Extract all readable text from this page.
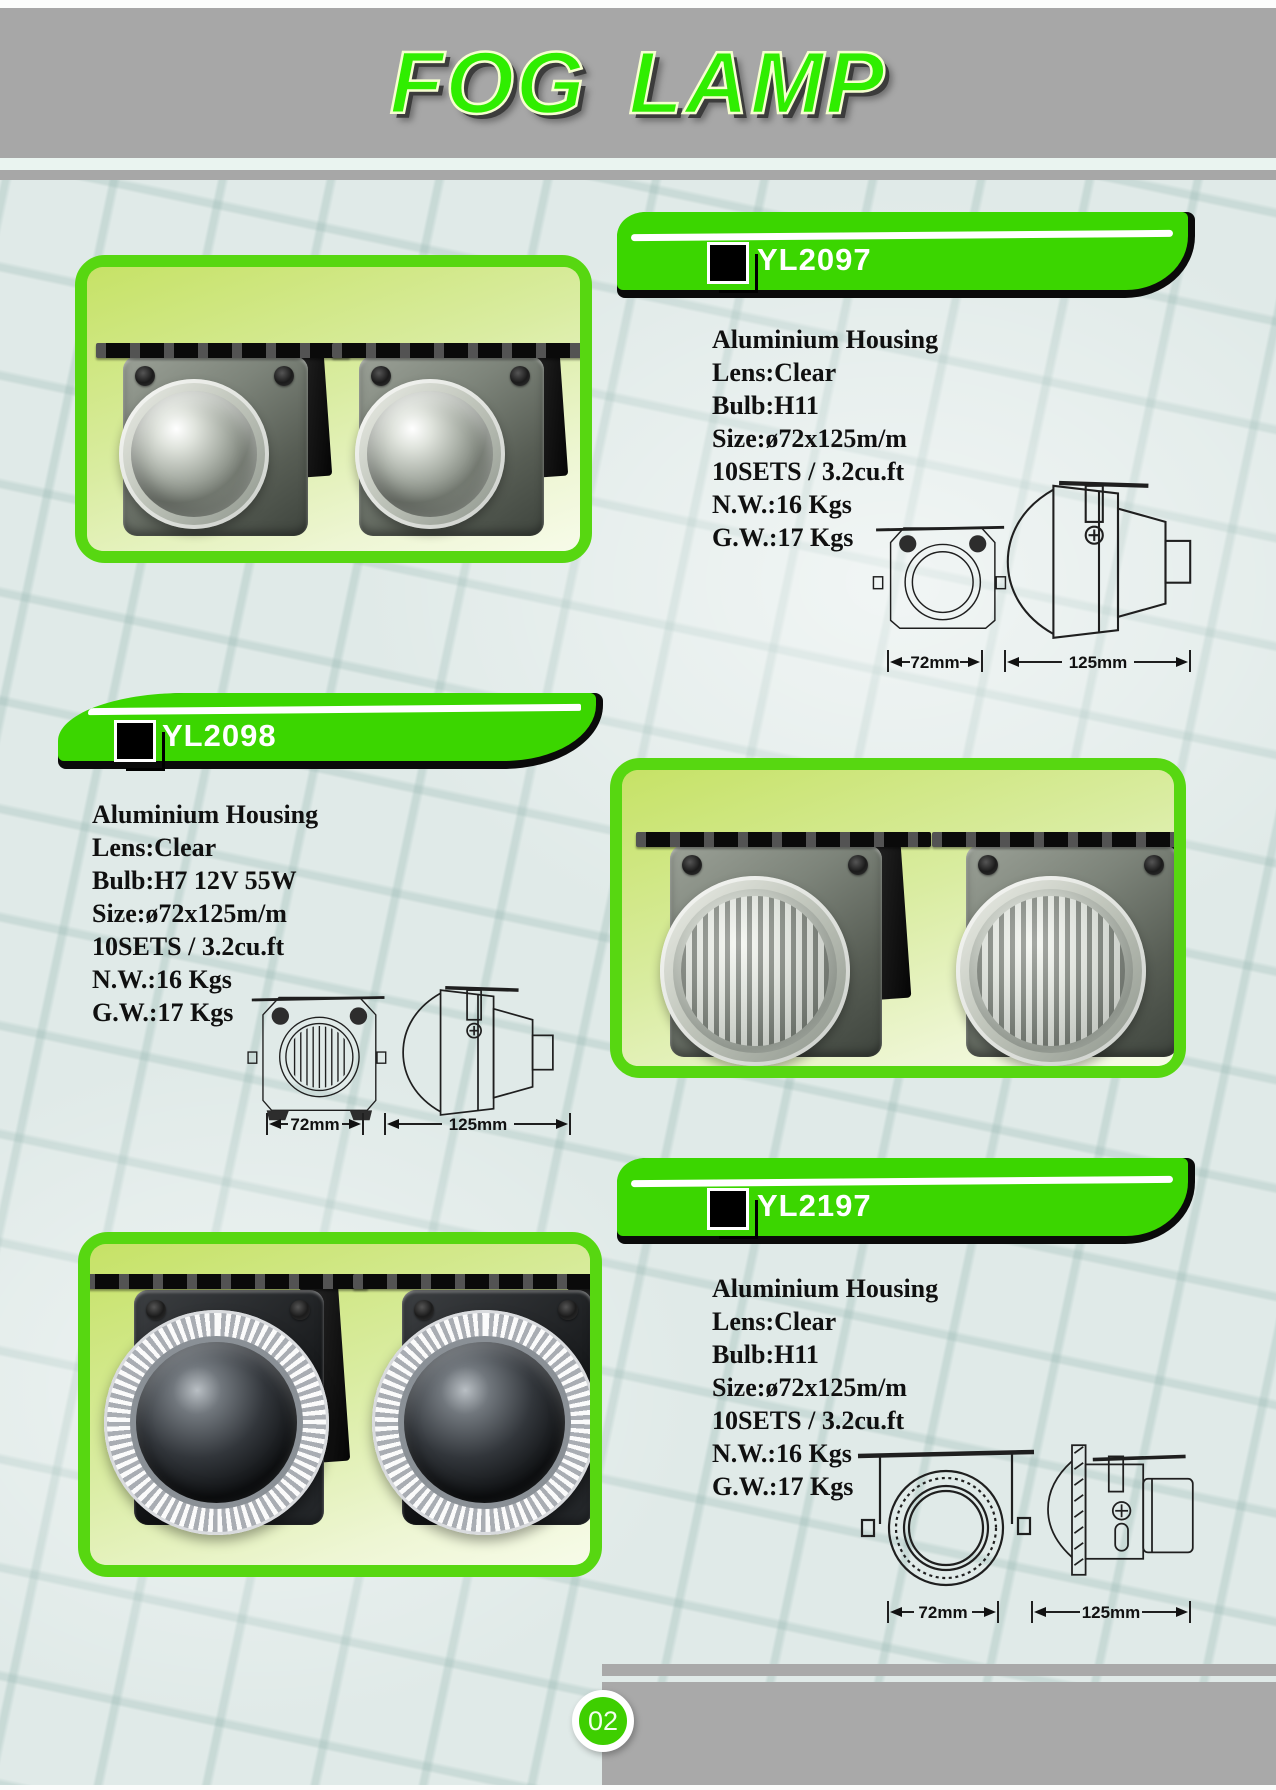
FOG LAMP
YL2097
Aluminium Housing
Lens:Clear
Bulb:H11
Size:ø72x125m/m
10SETS / 3.2cu.ft
N.W.:16 Kgs
G.W.:17 Kgs
72mm	125mm
YL2098
Aluminium Housing
Lens:Clear
Bulb:H7 12V 55W
Size:ø72x125m/m
10SETS / 3.2cu.ft
N.W.:16 Kgs
G.W.:17 Kgs
72mm	125mm
YL2197
Aluminium Housing
Lens:Clear
Bulb:H11
Size:ø72x125m/m
10SETS / 3.2cu.ft
N.W.:16 Kgs
G.W.:17 Kgs
72mm	125mm
02
